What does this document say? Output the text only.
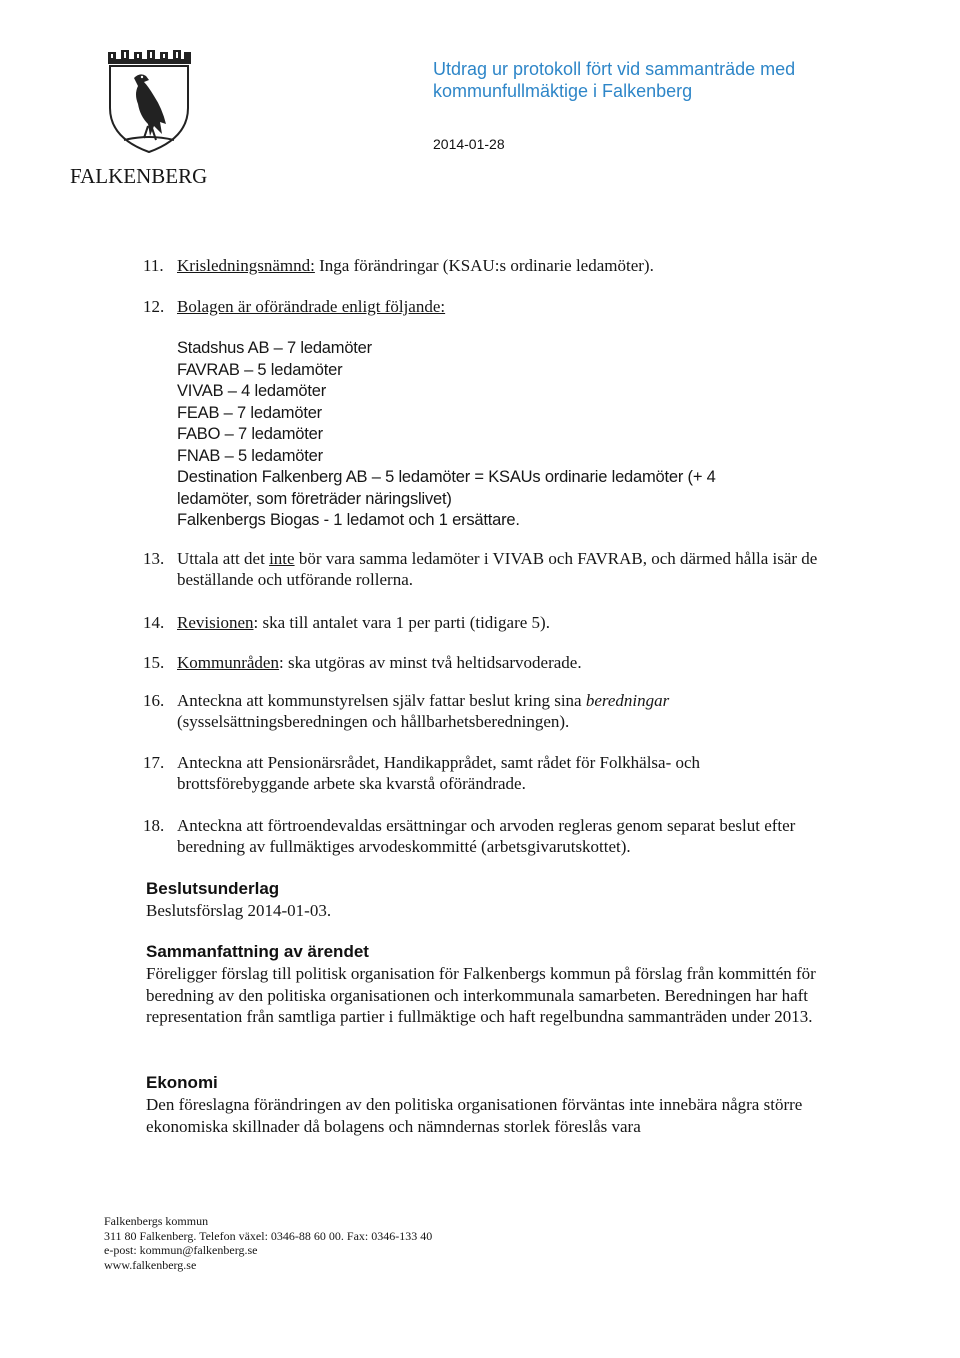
FALKENBERG
Utdrag ur protokoll fört vid sammanträde med
kommunfullmäktige i Falkenberg
2014-01-28
11. Krisledningsnämnd: Inga förändringar (KSAU:s ordinarie ledamöter).
12. Bolagen är oförändrade enligt följande:
Stadshus AB – 7 ledamöter
FAVRAB – 5 ledamöter
VIVAB – 4 ledamöter
FEAB – 7 ledamöter
FABO – 7 ledamöter
FNAB – 5 ledamöter
Destination Falkenberg AB – 5 ledamöter = KSAUs ordinarie ledamöter (+ 4
ledamöter, som företräder näringslivet)
Falkenbergs Biogas - 1 ledamot och 1 ersättare.
13. Uttala att det inte bör vara samma ledamöter i VIVAB och FAVRAB, och därmed hålla isär de beställande och utförande rollerna.
14. Revisionen: ska till antalet vara 1 per parti (tidigare 5).
15. Kommunråden: ska utgöras av minst två heltidsarvoderade.
16. Anteckna att kommunstyrelsen själv fattar beslut kring sina beredningar (sysselsättningsberedningen och hållbarhetsberedningen).
17. Anteckna att Pensionärsrådet, Handikapprådet, samt rådet för Folkhälsa- och brottsförebyggande arbete ska kvarstå oförändrade.
18. Anteckna att förtroendevaldas ersättningar och arvoden regleras genom separat beslut efter beredning av fullmäktiges arvodeskommitté (arbetsgivarutskottet).
Beslutsunderlag
Beslutsförslag 2014-01-03.
Sammanfattning av ärendet
Föreligger förslag till politisk organisation för Falkenbergs kommun på förslag från kommittén för beredning av den politiska organisationen och interkommunala samarbeten. Beredningen har haft representation från samtliga partier i fullmäktige och haft regelbundna sammanträden under 2013.
Ekonomi
Den föreslagna förändringen av den politiska organisationen förväntas inte innebära några större ekonomiska skillnader då bolagens och nämndernas storlek föreslås vara
Falkenbergs kommun
311 80 Falkenberg. Telefon växel: 0346-88 60 00. Fax: 0346-133 40
e-post: kommun@falkenberg.se
www.falkenberg.se
